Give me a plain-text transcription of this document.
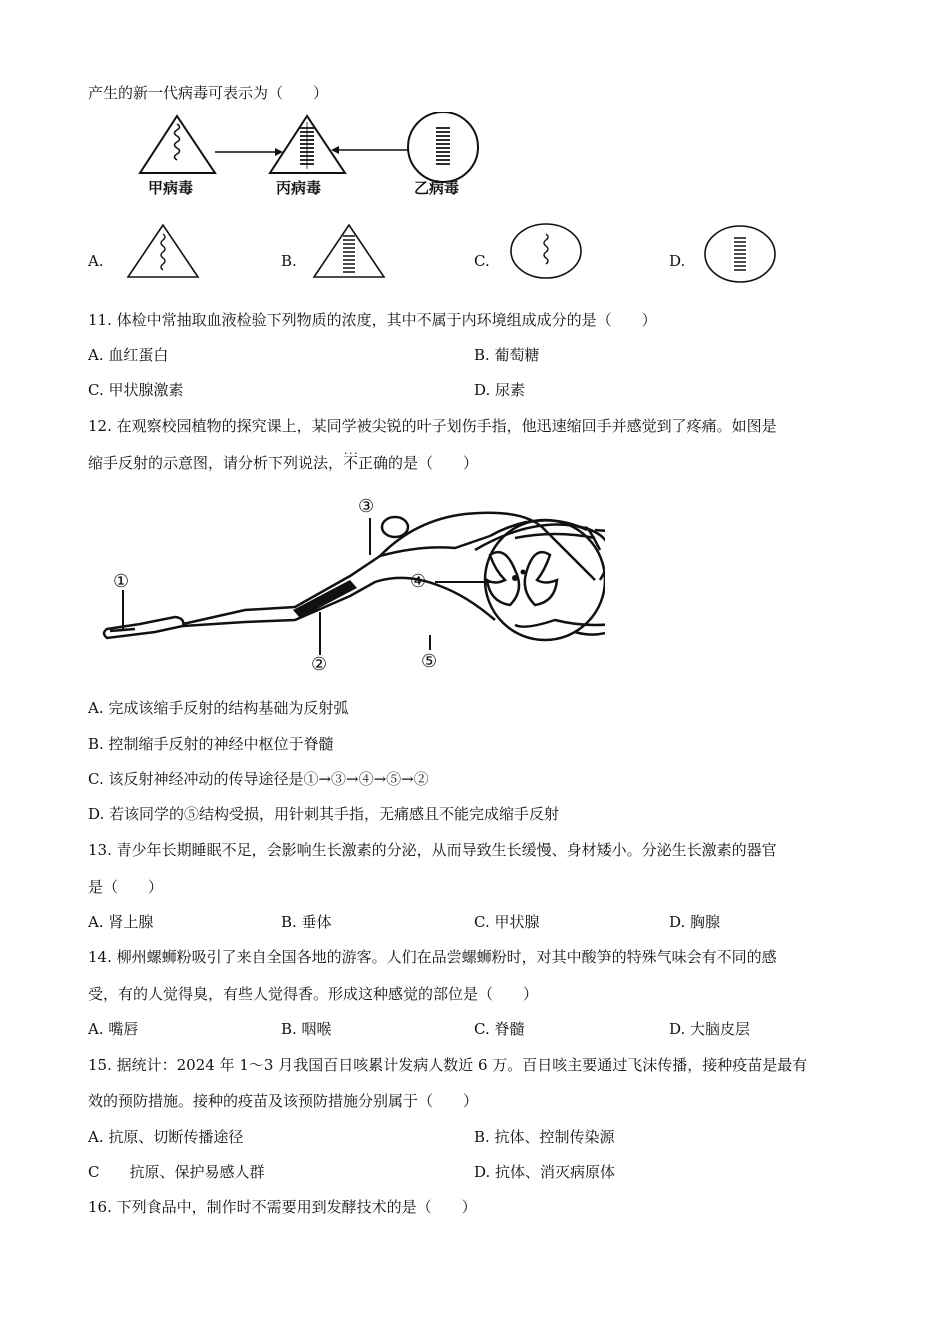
产生的新一代病毒可表示为（　　）
甲病毒	丙病毒	乙病毒
A.	B.	C.	D.
11. 体检中常抽取血液检验下列物质的浓度，其中不属于内环境组成成分的是（　　）
A. 血红蛋白	B. 葡萄糖
C. 甲状腺激素	D. 尿素
12. 在观察校园植物的探究课上，某同学被尖锐的叶子划伤手指，他迅速缩回手并感觉到了疼痛。如图是
缩手反射的示意图，请分析下列说法，· · · 不正确的是（　　）
①
②
③
④
⑤
A. 完成该缩手反射的结构基础为反射弧
B. 控制缩手反射的神经中枢位于脊髓
C. 该反射神经冲动的传导途径是①→③→④→⑤→②
D. 若该同学的⑤结构受损，用针刺其手指，无痛感且不能完成缩手反射
13. 青少年长期睡眠不足，会影响生长激素的分泌，从而导致生长缓慢、身材矮小。分泌生长激素的器官
是（　　）
A. 肾上腺	B. 垂体	C. 甲状腺	D. 胸腺
14. 柳州螺蛳粉吸引了来自全国各地的游客。人们在品尝螺蛳粉时，对其中酸笋的特殊气味会有不同的感
受，有的人觉得臭，有些人觉得香。形成这种感觉的部位是（　　）
A. 嘴唇	B. 咽喉	C. 脊髓	D. 大脑皮层
15. 据统计：2024 年 1～3 月我国百日咳累计发病人数近 6 万。百日咳主要通过飞沫传播，接种疫苗是最有
效的预防措施。接种的疫苗及该预防措施分别属于（　　）
A. 抗原、切断传播途径	B. 抗体、控制传染源
C　　抗原、保护易感人群	D. 抗体、消灭病原体
16. 下列食品中，制作时不需要用到发酵技术的是（　　）
